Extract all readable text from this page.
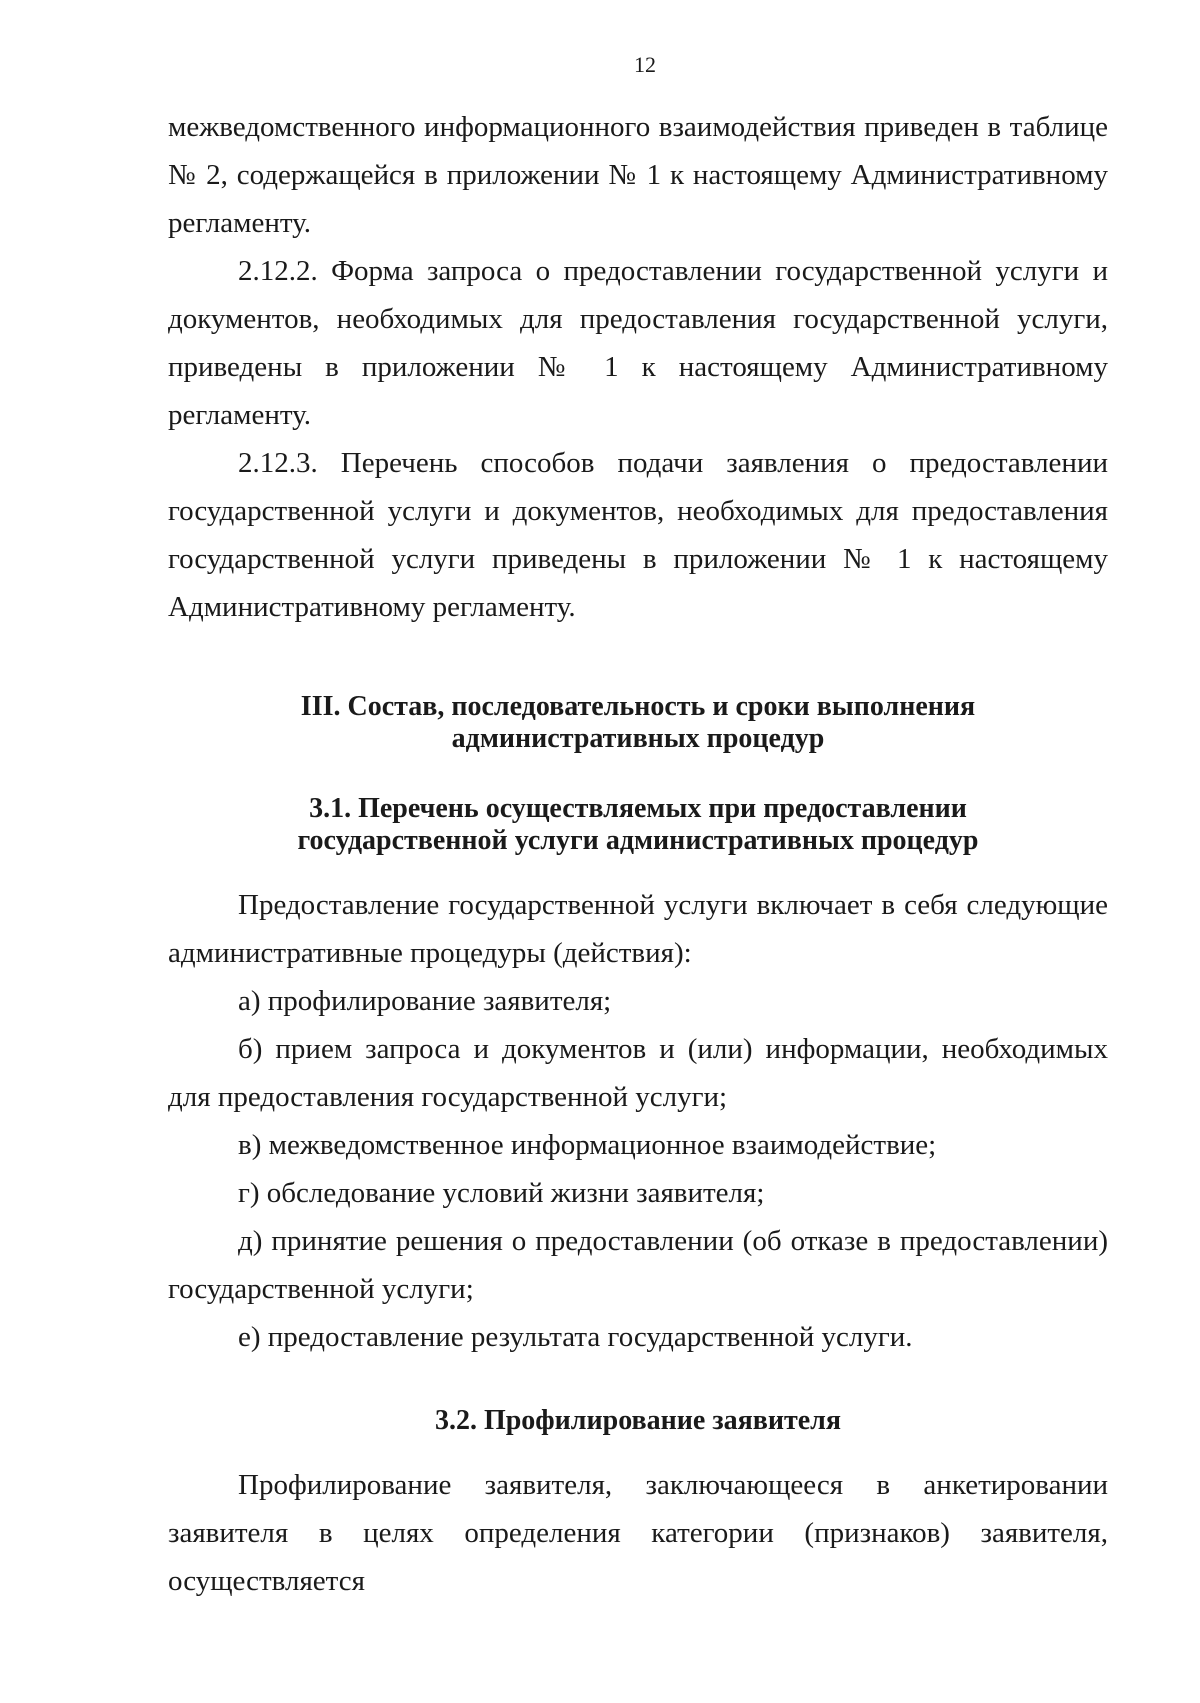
12

межведомственного информационного взаимодействия приведен в таблице № 2, содержащейся в приложении № 1 к настоящему Административному регламенту.

2.12.2. Форма запроса о предоставлении государственной услуги и документов, необходимых для предоставления государственной услуги, приведены в приложении № 1 к настоящему Административному регламенту.

2.12.3. Перечень способов подачи заявления о предоставлении государственной услуги и документов, необходимых для предоставления государственной услуги приведены в приложении № 1 к настоящему Административному регламенту.

III. Состав, последовательность и сроки выполнения
административных процедур
3.1. Перечень осуществляемых при предоставлении
государственной услуги административных процедур

Предоставление государственной услуги включает в себя следующие административные процедуры (действия):

а) профилирование заявителя;

б) прием запроса и документов и (или) информации, необходимых для предоставления государственной услуги;

в) межведомственное информационное взаимодействие;

г) обследование условий жизни заявителя;

д) принятие решения о предоставлении (об отказе в предоставлении) государственной услуги;

е) предоставление результата государственной услуги.

3.2. Профилирование заявителя

Профилирование заявителя, заключающееся в анкетировании заявителя в целях определения категории (признаков) заявителя, осуществляется
